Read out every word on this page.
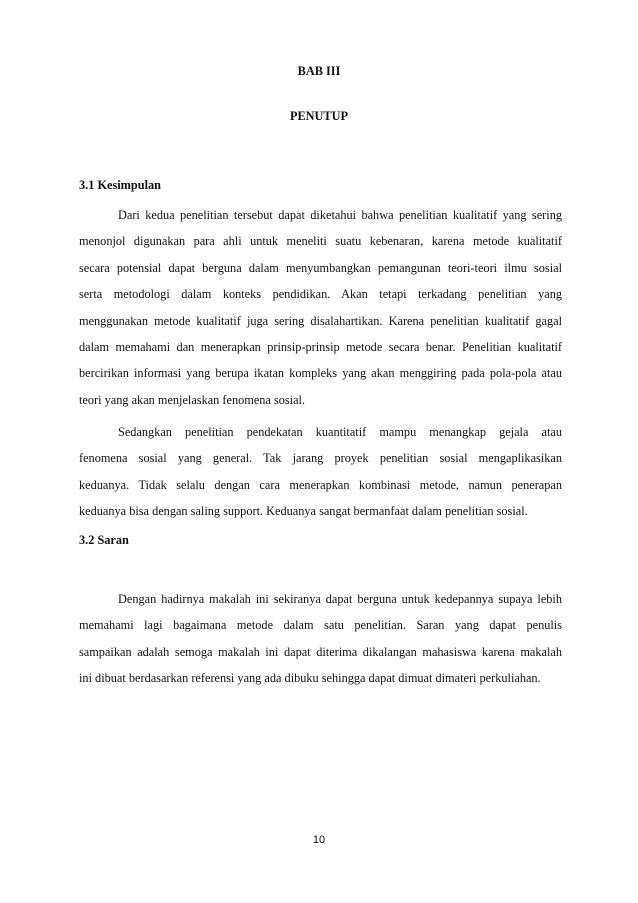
BAB III
PENUTUP
3.1 Kesimpulan
Dari kedua penelitian tersebut dapat diketahui bahwa penelitian kualitatif yang sering
menonjol digunakan para ahli untuk meneliti suatu kebenaran, karena metode kualitatif
secara potensial dapat berguna dalam menyumbangkan pemangunan teori-teori ilmu sosial
serta metodologi dalam konteks pendidikan. Akan tetapi terkadang penelitian yang
menggunakan metode kualitatif juga sering disalahartikan. Karena penelitian kualitatif gagal
dalam memahami dan menerapkan prinsip-prinsip metode secara benar. Penelitian kualitatif
bercirikan informasi yang berupa ikatan kompleks yang akan menggiring pada pola-pola atau
teori yang akan menjelaskan fenomena sosial.
Sedangkan penelitian pendekatan kuantitatif mampu menangkap gejala atau
fenomena sosial yang general. Tak jarang proyek penelitian sosial mengaplikasikan
keduanya. Tidak selalu dengan cara menerapkan kombinasi metode, namun penerapan
keduanya bisa dengan saling support. Keduanya sangat bermanfaat dalam penelitian sosial.
3.2 Saran
Dengan hadirnya makalah ini sekiranya dapat berguna untuk kedepannya supaya lebih
memahami lagi bagaimana metode dalam satu penelitian. Saran yang dapat penulis
sampaikan adalah semoga makalah ini dapat diterima dikalangan mahasiswa karena makalah
ini dibuat berdasarkan referensi yang ada dibuku sehingga dapat dimuat dimateri perkuliahan.
10
